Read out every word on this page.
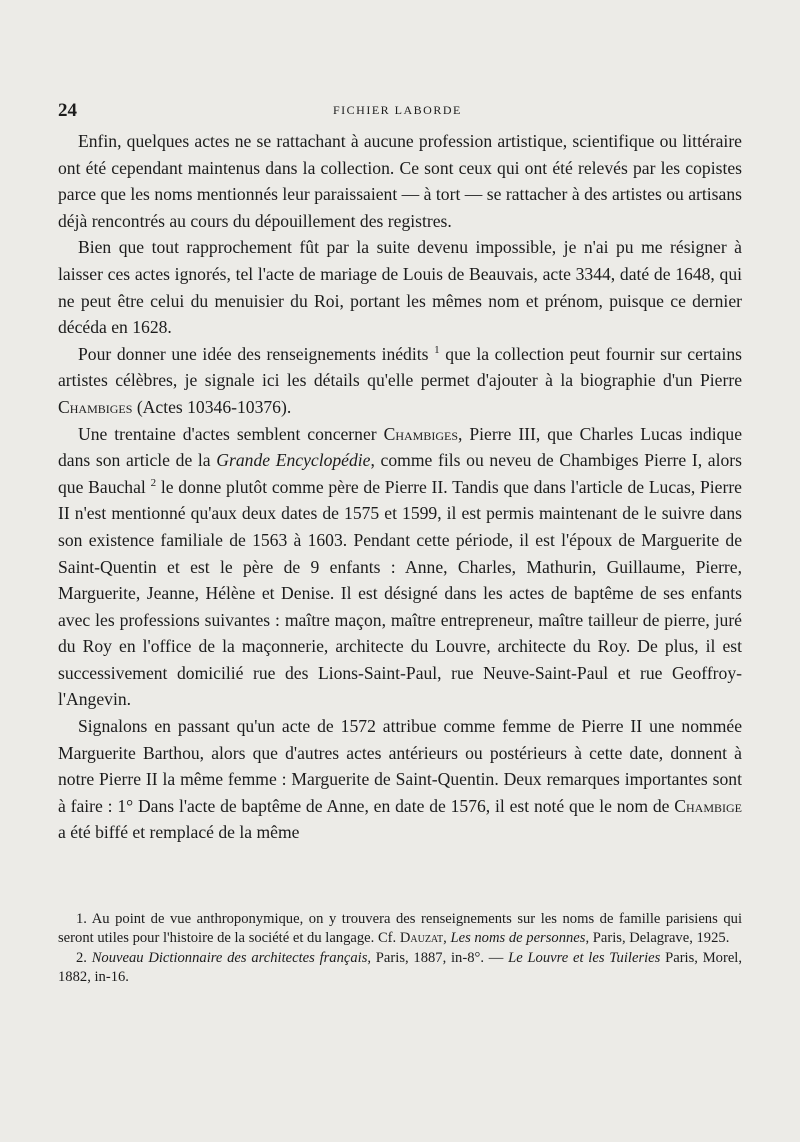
24	FICHIER LABORDE

Enfin, quelques actes ne se rattachant à aucune profession artistique, scientifique ou littéraire ont été cependant maintenus dans la collection. Ce sont ceux qui ont été relevés par les copistes parce que les noms mentionnés leur paraissaient — à tort — se rattacher à des artistes ou artisans déjà rencontrés au cours du dépouillement des registres.

Bien que tout rapprochement fût par la suite devenu impossible, je n'ai pu me résigner à laisser ces actes ignorés, tel l'acte de mariage de Louis de Beauvais, acte 3344, daté de 1648, qui ne peut être celui du menuisier du Roi, portant les mêmes nom et prénom, puisque ce dernier décéda en 1628.

Pour donner une idée des renseignements inédits $^1$ que la collection peut fournir sur certains artistes célèbres, je signale ici les détails qu'elle permet d'ajouter à la biographie d'un Pierre Chambiges (Actes 10346-10376).

Une trentaine d'actes semblent concerner Chambiges, Pierre III, que Charles Lucas indique dans son article de la Grande Encyclopédie, comme fils ou neveu de Chambiges Pierre I, alors que Bauchal $^2$ le donne plutôt comme père de Pierre II. Tandis que dans l'article de Lucas, Pierre II n'est mentionné qu'aux deux dates de 1575 et 1599, il est permis maintenant de le suivre dans son existence familiale de 1563 à 1603. Pendant cette période, il est l'époux de Marguerite de Saint-Quentin et est le père de 9 enfants : Anne, Charles, Mathurin, Guillaume, Pierre, Marguerite, Jeanne, Hélène et Denise. Il est désigné dans les actes de baptême de ses enfants avec les professions suivantes : maître maçon, maître entrepreneur, maître tailleur de pierre, juré du Roy en l'office de la maçonnerie, architecte du Louvre, architecte du Roy. De plus, il est successivement domicilié rue des Lions-Saint-Paul, rue Neuve-Saint-Paul et rue Geoffroy-l'Angevin.

Signalons en passant qu'un acte de 1572 attribue comme femme de Pierre II une nommée Marguerite Barthou, alors que d'autres actes antérieurs ou postérieurs à cette date, donnent à notre Pierre II la même femme : Marguerite de Saint-Quentin. Deux remarques importantes sont à faire : 1° Dans l'acte de baptême de Anne, en date de 1576, il est noté que le nom de Chambige a été biffé et remplacé de la même

1. Au point de vue anthroponymique, on y trouvera des renseignements sur les noms de famille parisiens qui seront utiles pour l'histoire de la société et du langage. Cf. Dauzat, Les noms de personnes, Paris, Delagrave, 1925.

2. Nouveau Dictionnaire des architectes français, Paris, 1887, in-8°. — Le Louvre et les Tuileries Paris, Morel, 1882, in-16.
